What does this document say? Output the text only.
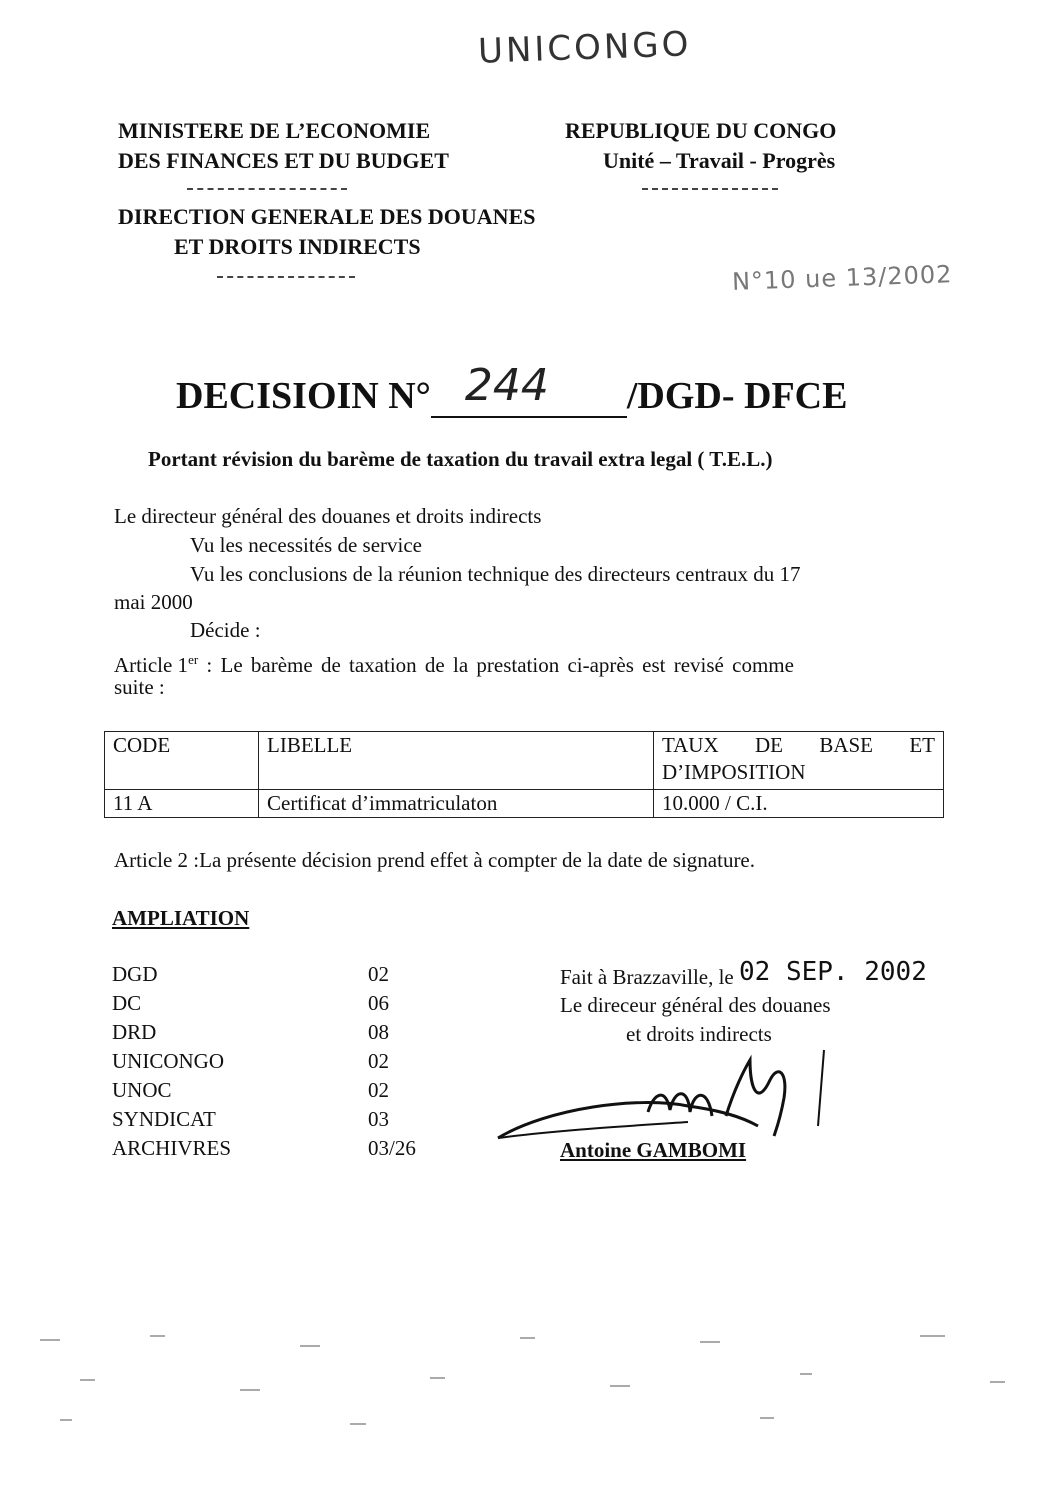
UNICONGO
MINISTERE DE L’ECONOMIE
DES FINANCES ET DU BUDGET
DIRECTION GENERALE DES DOUANES
ET DROITS INDIRECTS
REPUBLIQUE DU CONGO
Unité – Travail - Progrès
N°10 ue 13/2002
DECISIOIN N° 244 /DGD- DFCE
Portant révision du barème de taxation du travail extra legal ( T.E.L.)
Le directeur général des douanes et droits indirects
Vu les necessités de service
Vu les conclusions de la réunion technique des directeurs centraux du 17
mai 2000
Décide :
Article 1er : Le barème de taxation de la prestation ci-après est revisé comme
suite :
CODE	LIBELLE	TAUX DE BASE ET D’IMPOSITION
11 A	Certificat d’immatriculaton	10.000 / C.I.
Article 2 :La présente décision prend effet à compter de la date de signature.
AMPLIATION
DGD	02
DC	06
DRD	08
UNICONGO	02
UNOC	02
SYNDICAT	03
ARCHIVRES	03/26
Fait à Brazzaville, le 02 SEP. 2002
Le direceur général des douanes
et droits indirects
Antoine GAMBOMI
